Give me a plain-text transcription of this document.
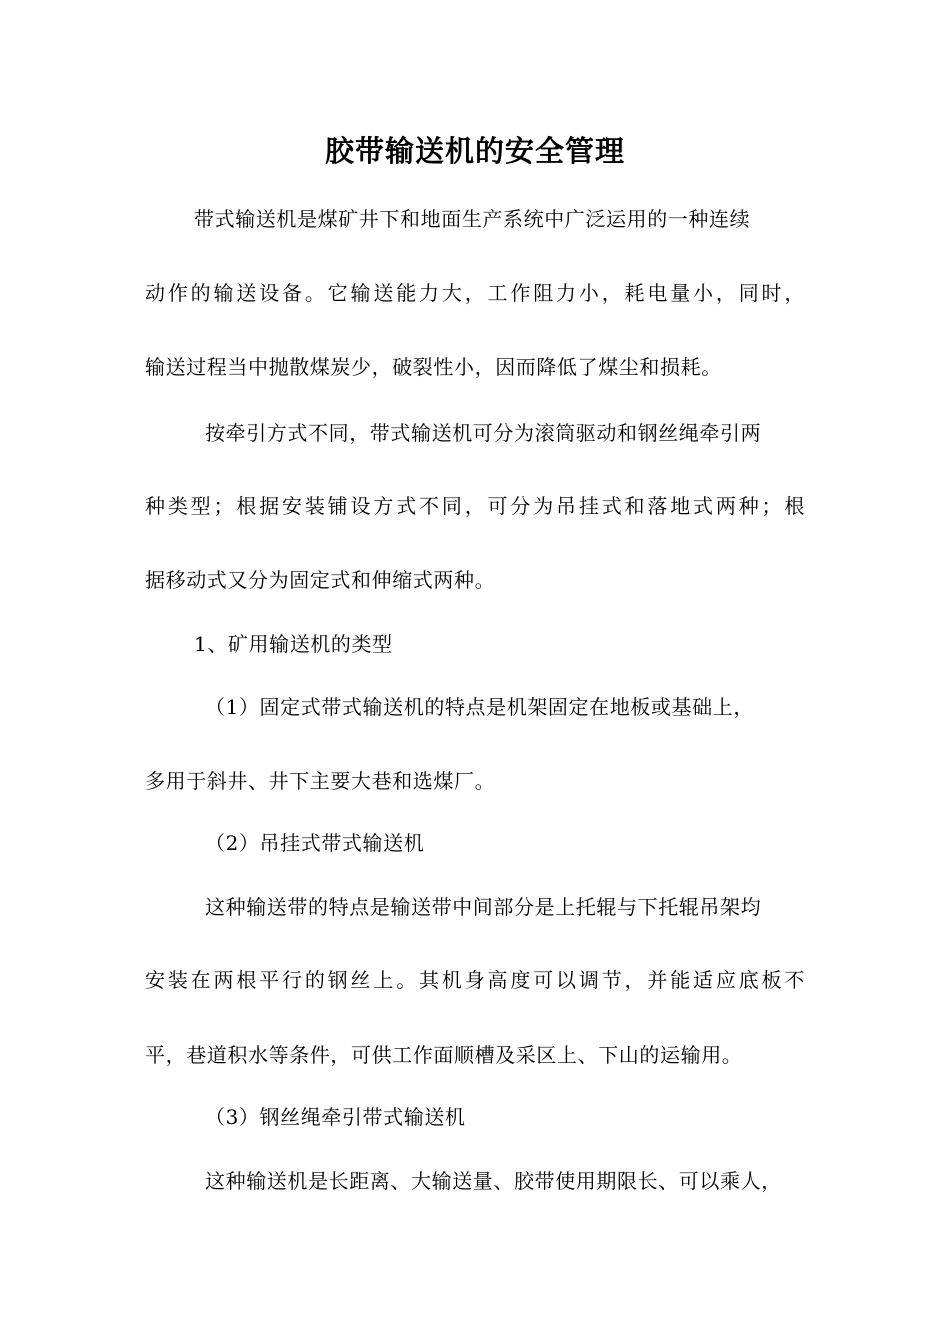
胶带输送机的安全管理
带式输送机是煤矿井下和地面生产系统中广泛运用的一种连续
动作的输送设备。它输送能力大，工作阻力小，耗电量小，同时，
输送过程当中抛散煤炭少，破裂性小，因而降低了煤尘和损耗。
按牵引方式不同，带式输送机可分为滚筒驱动和钢丝绳牵引两
种类型；根据安装铺设方式不同，可分为吊挂式和落地式两种；根
据移动式又分为固定式和伸缩式两种。
1、矿用输送机的类型
（1）固定式带式输送机的特点是机架固定在地板或基础上，
多用于斜井、井下主要大巷和选煤厂。
（2）吊挂式带式输送机
这种输送带的特点是输送带中间部分是上托辊与下托辊吊架均
安装在两根平行的钢丝上。其机身高度可以调节，并能适应底板不
平，巷道积水等条件，可供工作面顺槽及采区上、下山的运输用。
（3）钢丝绳牵引带式输送机
这种输送机是长距离、大输送量、胶带使用期限长、可以乘人，
